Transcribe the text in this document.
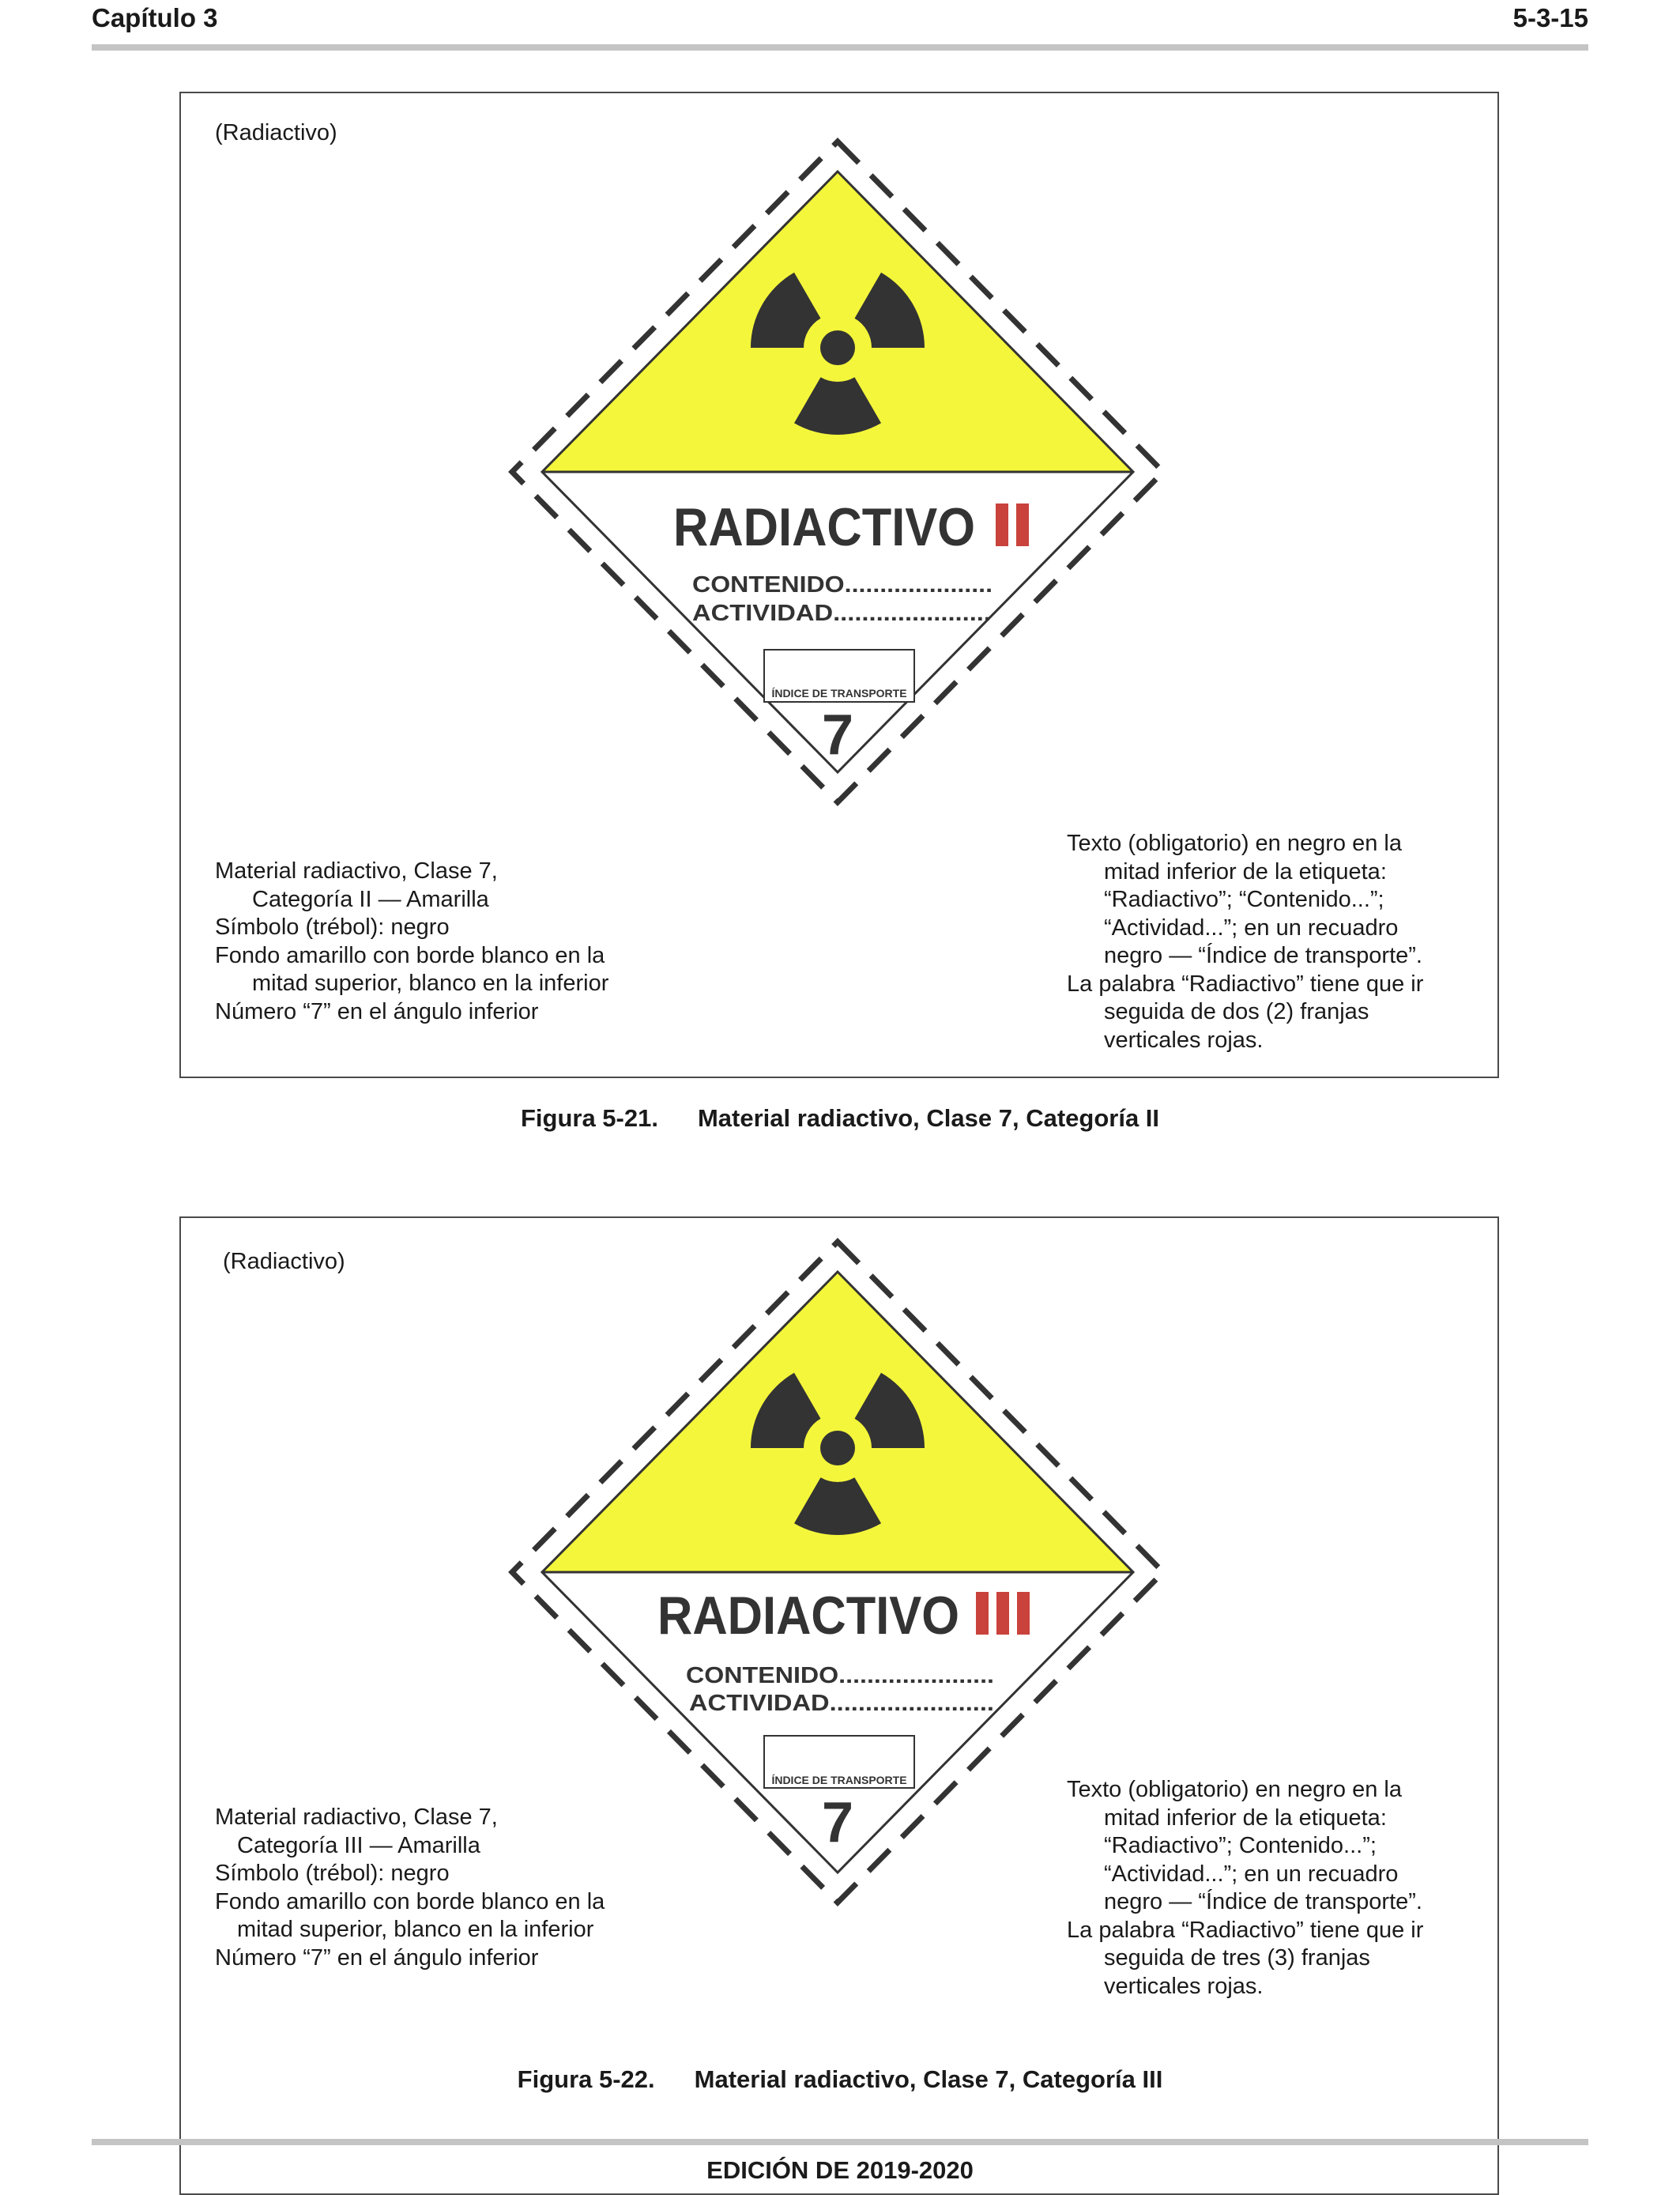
Capítulo 3	5-3-15
(Radiactivo)
RADIACTIVO
CONTENIDO.....................
ACTIVIDAD......................
ÍNDICE DE TRANSPORTE
7
Material radiactivo, Clase 7,
Categoría II — Amarilla
Símbolo (trébol): negro
Fondo amarillo con borde blanco en la
mitad superior, blanco en la inferior
Número “7” en el ángulo inferior
Texto (obligatorio) en negro en la
mitad inferior de la etiqueta:
“Radiactivo”; “Contenido...”;
“Actividad...”; en un recuadro
negro — “Índice de transporte”.
La palabra “Radiactivo” tiene que ir
seguida de dos (2) franjas
verticales rojas.
Figura 5-21. Material radiactivo, Clase 7, Categoría II
(Radiactivo)
RADIACTIVO
CONTENIDO......................
ACTIVIDAD.......................
ÍNDICE DE TRANSPORTE
7
Material radiactivo, Clase 7,
Categoría III — Amarilla
Símbolo (trébol): negro
Fondo amarillo con borde blanco en la
mitad superior, blanco en la inferior
Número “7” en el ángulo inferior
Texto (obligatorio) en negro en la
mitad inferior de la etiqueta:
“Radiactivo”; Contenido...”;
“Actividad...”; en un recuadro
negro — “Índice de transporte”.
La palabra “Radiactivo” tiene que ir
seguida de tres (3) franjas
verticales rojas.
Figura 5-22. Material radiactivo, Clase 7, Categoría III
EDICIÓN DE 2019-2020
